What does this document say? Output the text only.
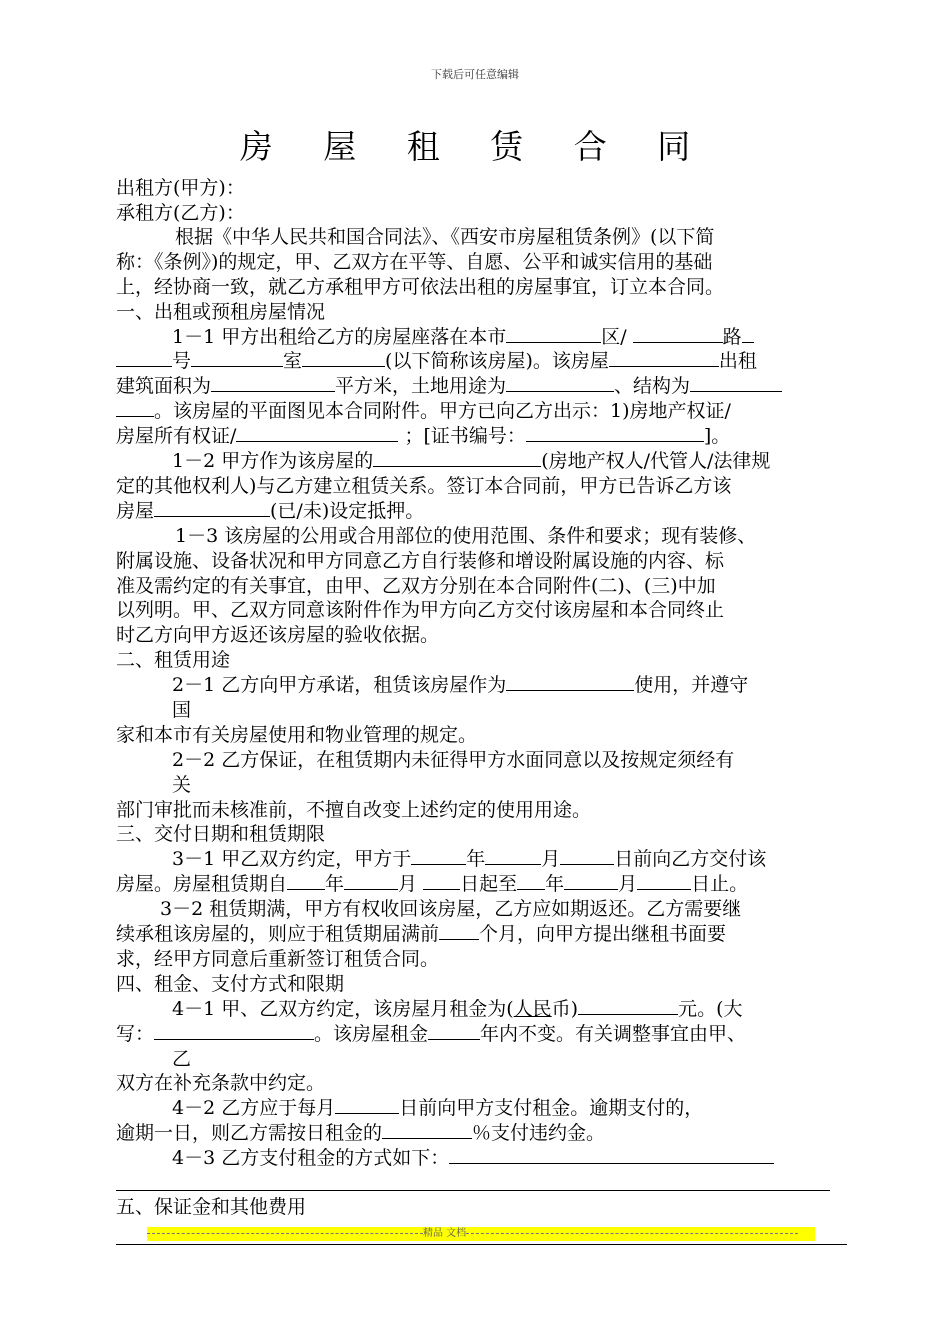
下载后可任意编辑
房 屋 租 赁 合 同
出租方(甲方)：
承租方(乙方)：
根据《中华人民共和国合同法》、《西安市房屋租赁条例》(以下简
称：《条例》)的规定，甲、乙双方在平等、自愿、公平和诚实信用的基础
上，经协商一致，就乙方承租甲方可依法出租的房屋事宜，订立本合同。
一、出租或预租房屋情况
1－1 甲方出租给乙方的房屋座落在本市	区/	路
号	室	(以下简称该房屋)。该房屋	出租
建筑面积为	平方米，土地用途为	、结构为
。该房屋的平面图见本合同附件。甲方已向乙方出示：1)房地产权证/
房屋所有权证/	；[证书编号：	]。
1－2 甲方作为该房屋的	(房地产权人/代管人/法律规
定的其他权利人)与乙方建立租赁关系。签订本合同前，甲方已告诉乙方该
房屋	(已/未)设定抵押。
1－3 该房屋的公用或合用部位的使用范围、条件和要求；现有装修、
附属设施、设备状况和甲方同意乙方自行装修和增设附属设施的内容、标
准及需约定的有关事宜，由甲、乙双方分别在本合同附件(二)、(三)中加
以列明。甲、乙双方同意该附件作为甲方向乙方交付该房屋和本合同终止
时乙方向甲方返还该房屋的验收依据。
二、租赁用途
2－1 乙方向甲方承诺，租赁该房屋作为	使用，并遵守
国
家和本市有关房屋使用和物业管理的规定。
2－2 乙方保证，在租赁期内未征得甲方水面同意以及按规定须经有
关
部门审批而未核准前，不擅自改变上述约定的使用用途。
三、交付日期和租赁期限
3－1 甲乙双方约定，甲方于	年	月	日前向乙方交付该
房屋。房屋租赁期自 年	月 日起至 年	月	日止。
3－2 租赁期满，甲方有权收回该房屋，乙方应如期返还。乙方需要继
续承租该房屋的，则应于租赁期届满前 个月，向甲方提出继租书面要
求，经甲方同意后重新签订租赁合同。
四、租金、支付方式和限期
4－1 甲、乙双方约定，该房屋月租金为(人民币)	元。(大
写：	。该房屋租金	年内不变。有关调整事宜由甲、
乙
双方在补充条款中约定。
4－2 乙方应于每月	日前向甲方支付租金。逾期支付的，
逾期一日，则乙方需按日租金的	％支付违约金。
4－3 乙方支付租金的方式如下：
五、保证金和其他费用
精品 文档
